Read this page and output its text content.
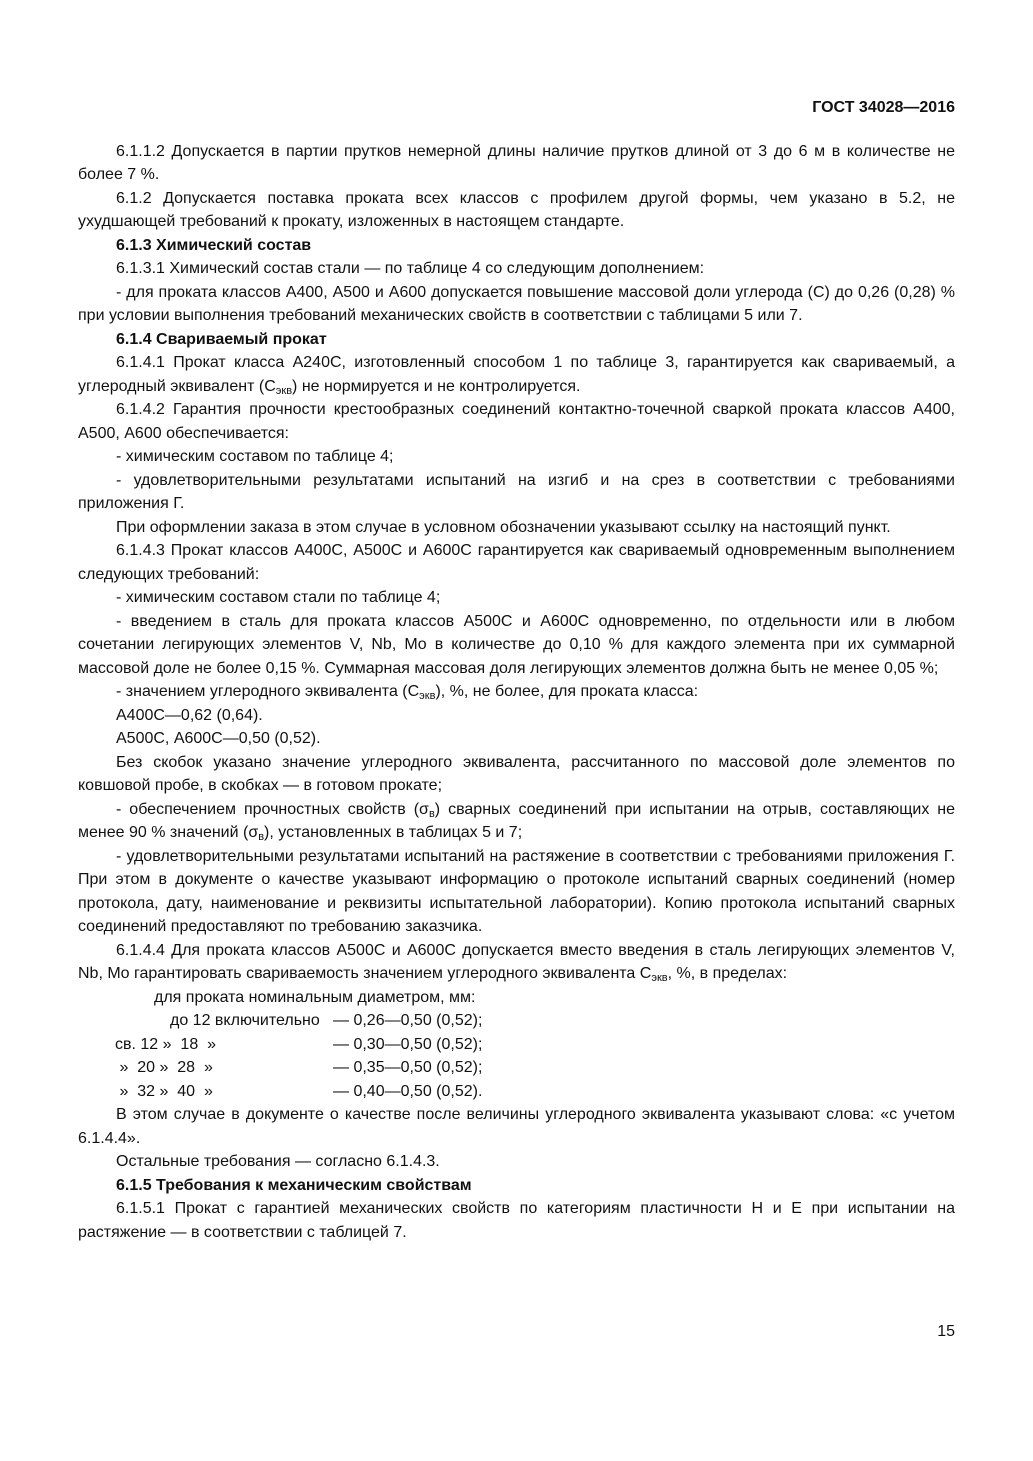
ГОСТ 34028—2016

6.1.1.2 Допускается в партии прутков немерной длины наличие прутков длиной от 3 до 6 м в количестве не более 7 %.

6.1.2 Допускается поставка проката всех классов с профилем другой формы, чем указано в 5.2, не ухудшающей требований к прокату, изложенных в настоящем стандарте.

6.1.3 Химический состав

6.1.3.1 Химический состав стали — по таблице 4 со следующим дополнением:

- для проката классов А400, А500 и А600 допускается повышение массовой доли углерода (С) до 0,26 (0,28) % при условии выполнения требований механических свойств в соответствии с таблицами 5 или 7.

6.1.4 Свариваемый прокат

6.1.4.1 Прокат класса А240С, изготовленный способом 1 по таблице 3, гарантируется как свариваемый, а углеродный эквивалент $(С_{экв})$ не нормируется и не контролируется.

6.1.4.2 Гарантия прочности крестообразных соединений контактно-точечной сваркой проката классов А400, А500, А600 обеспечивается:

- химическим составом по таблице 4;

- удовлетворительными результатами испытаний на изгиб и на срез в соответствии с требованиями приложения Г.

При оформлении заказа в этом случае в условном обозначении указывают ссылку на настоящий пункт.

6.1.4.3 Прокат классов А400С, А500С и А600С гарантируется как свариваемый одновременным выполнением следующих требований:

- химическим составом стали по таблице 4;

- введением в сталь для проката классов А500С и А600С одновременно, по отдельности или в любом сочетании легирующих элементов V, Nb, Mo в количестве до 0,10 % для каждого элемента при их суммарной массовой доле не более 0,15 %. Суммарная массовая доля легирующих элементов должна быть не менее 0,05 %;

- значением углеродного эквивалента $(С_{экв})$, %, не более, для проката класса:

А400С—0,62 (0,64).

А500С, А600С—0,50 (0,52).

Без скобок указано значение углеродного эквивалента, рассчитанного по массовой доле элементов по ковшовой пробе, в скобках — в готовом прокате;

- обеспечением прочностных свойств $(\sigma_в)$ сварных соединений при испытании на отрыв, составляющих не менее 90 % значений $(\sigma_в)$, установленных в таблицах 5 и 7;

- удовлетворительными результатами испытаний на растяжение в соответствии с требованиями приложения Г. При этом в документе о качестве указывают информацию о протоколе испытаний сварных соединений (номер протокола, дату, наименование и реквизиты испытательной лаборатории). Копию протокола испытаний сварных соединений предоставляют по требованию заказчика.

6.1.4.4 Для проката классов А500С и А600С допускается вместо введения в сталь легирующих элементов V, Nb, Mo гарантировать свариваемость значением углеродного эквивалента $С_{экв}$, %, в пределах:

для проката номинальным диаметром, мм:

до 12 включительно — 0,26—0,50 (0,52);
св. 12 »  18  »	— 0,30—0,50 (0,52);
»  20 »  28  »	— 0,35—0,50 (0,52);
»  32 »  40  »	— 0,40—0,50 (0,52).

В этом случае в документе о качестве после величины углеродного эквивалента указывают слова: «с учетом 6.1.4.4».

Остальные требования — согласно 6.1.4.3.

6.1.5 Требования к механическим свойствам

6.1.5.1 Прокат с гарантией механических свойств по категориям пластичности Н и Е при испытании на растяжение — в соответствии с таблицей 7.

15
